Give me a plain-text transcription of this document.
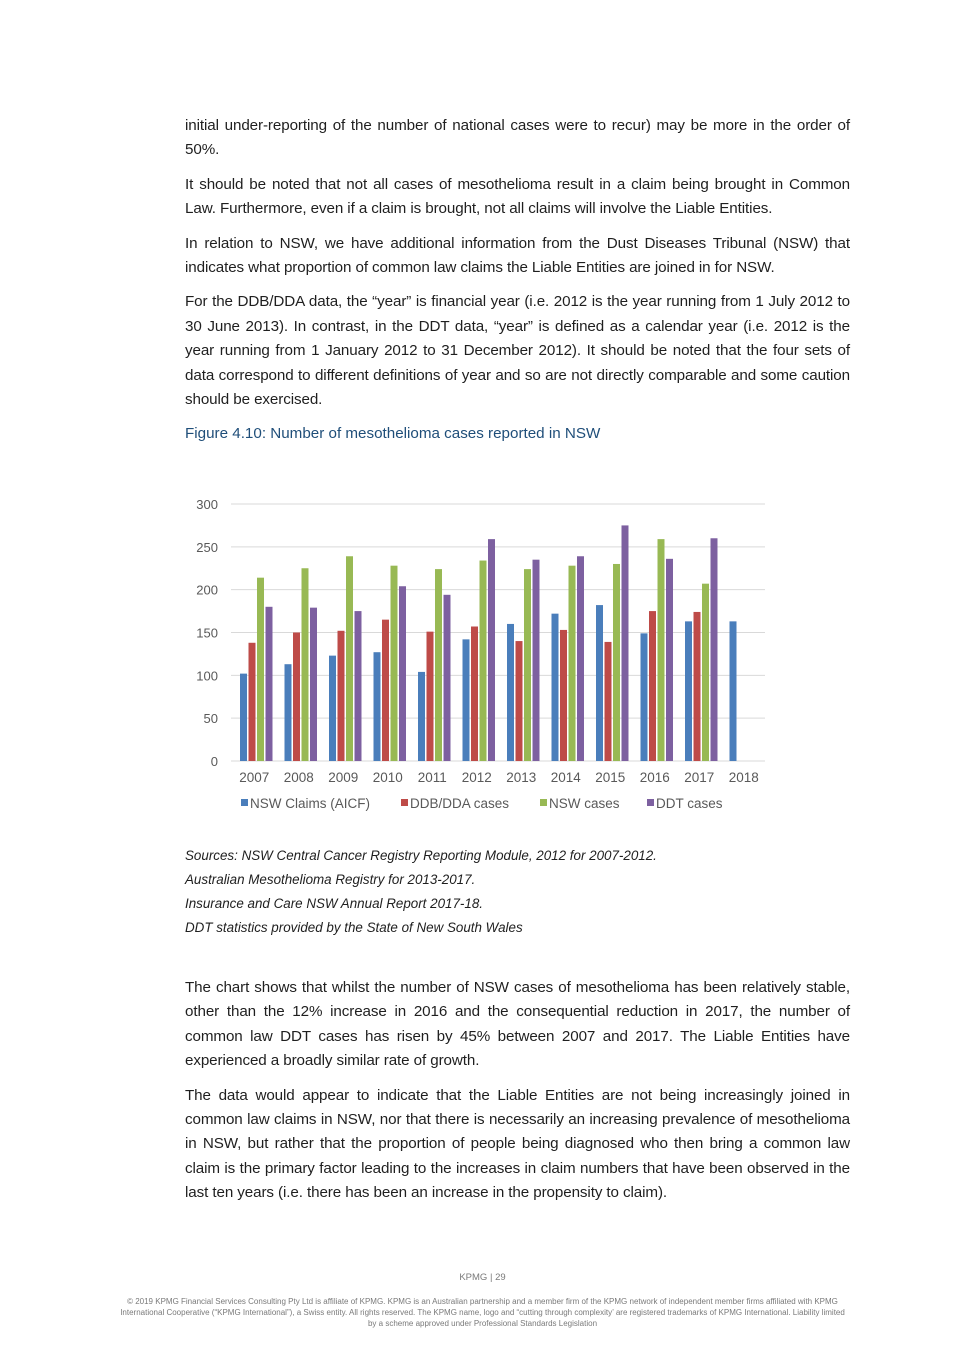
initial under-reporting of the number of national cases were to recur) may be more in the order of 50%.

It should be noted that not all cases of mesothelioma result in a claim being brought in Common Law. Furthermore, even if a claim is brought, not all claims will involve the Liable Entities.

In relation to NSW, we have additional information from the Dust Diseases Tribunal (NSW) that indicates what proportion of common law claims the Liable Entities are joined in for NSW.

For the DDB/DDA data, the “year” is financial year (i.e. 2012 is the year running from 1 July 2012 to 30 June 2013). In contrast, in the DDT data, “year” is defined as a calendar year (i.e. 2012 is the year running from 1 January 2012 to 31 December 2012). It should be noted that the four sets of data correspond to different definitions of year and so are not directly comparable and some caution should be exercised.

Figure 4.10: Number of mesothelioma cases reported in NSW

0
50
100
150
200
250
300
2007 2008 2009 2010 2011 2012 2013 2014 2015 2016 2017 2018
NSW Claims (AICF)	DDB/DDA cases	NSW cases	DDT cases
Sources: NSW Central Cancer Registry Reporting Module, 2012 for 2007-2012.
Australian Mesothelioma Registry for 2013-2017.
Insurance and Care NSW Annual Report 2017-18.
DDT statistics provided by the State of New South Wales

The chart shows that whilst the number of NSW cases of mesothelioma has been relatively stable, other than the 12% increase in 2016 and the consequential reduction in 2017, the number of common law DDT cases has risen by 45% between 2007 and 2017. The Liable Entities have experienced a broadly similar rate of growth.

The data would appear to indicate that the Liable Entities are not being increasingly joined in common law claims in NSW, nor that there is necessarily an increasing prevalence of mesothelioma in NSW, but rather that the proportion of people being diagnosed who then bring a common law claim is the primary factor leading to the increases in claim numbers that have been observed in the last ten years (i.e. there has been an increase in the propensity to claim).

KPMG | 29
© 2019 KPMG Financial Services Consulting Pty Ltd is affiliate of KPMG. KPMG is an Australian partnership and a member firm of the KPMG network of independent member firms affiliated with KPMG International Cooperative (“KPMG International”), a Swiss entity. All rights reserved. The KPMG name, logo and “cutting through complexity’ are registered trademarks of KPMG International. Liability limited by a scheme approved under Professional Standards Legislation
